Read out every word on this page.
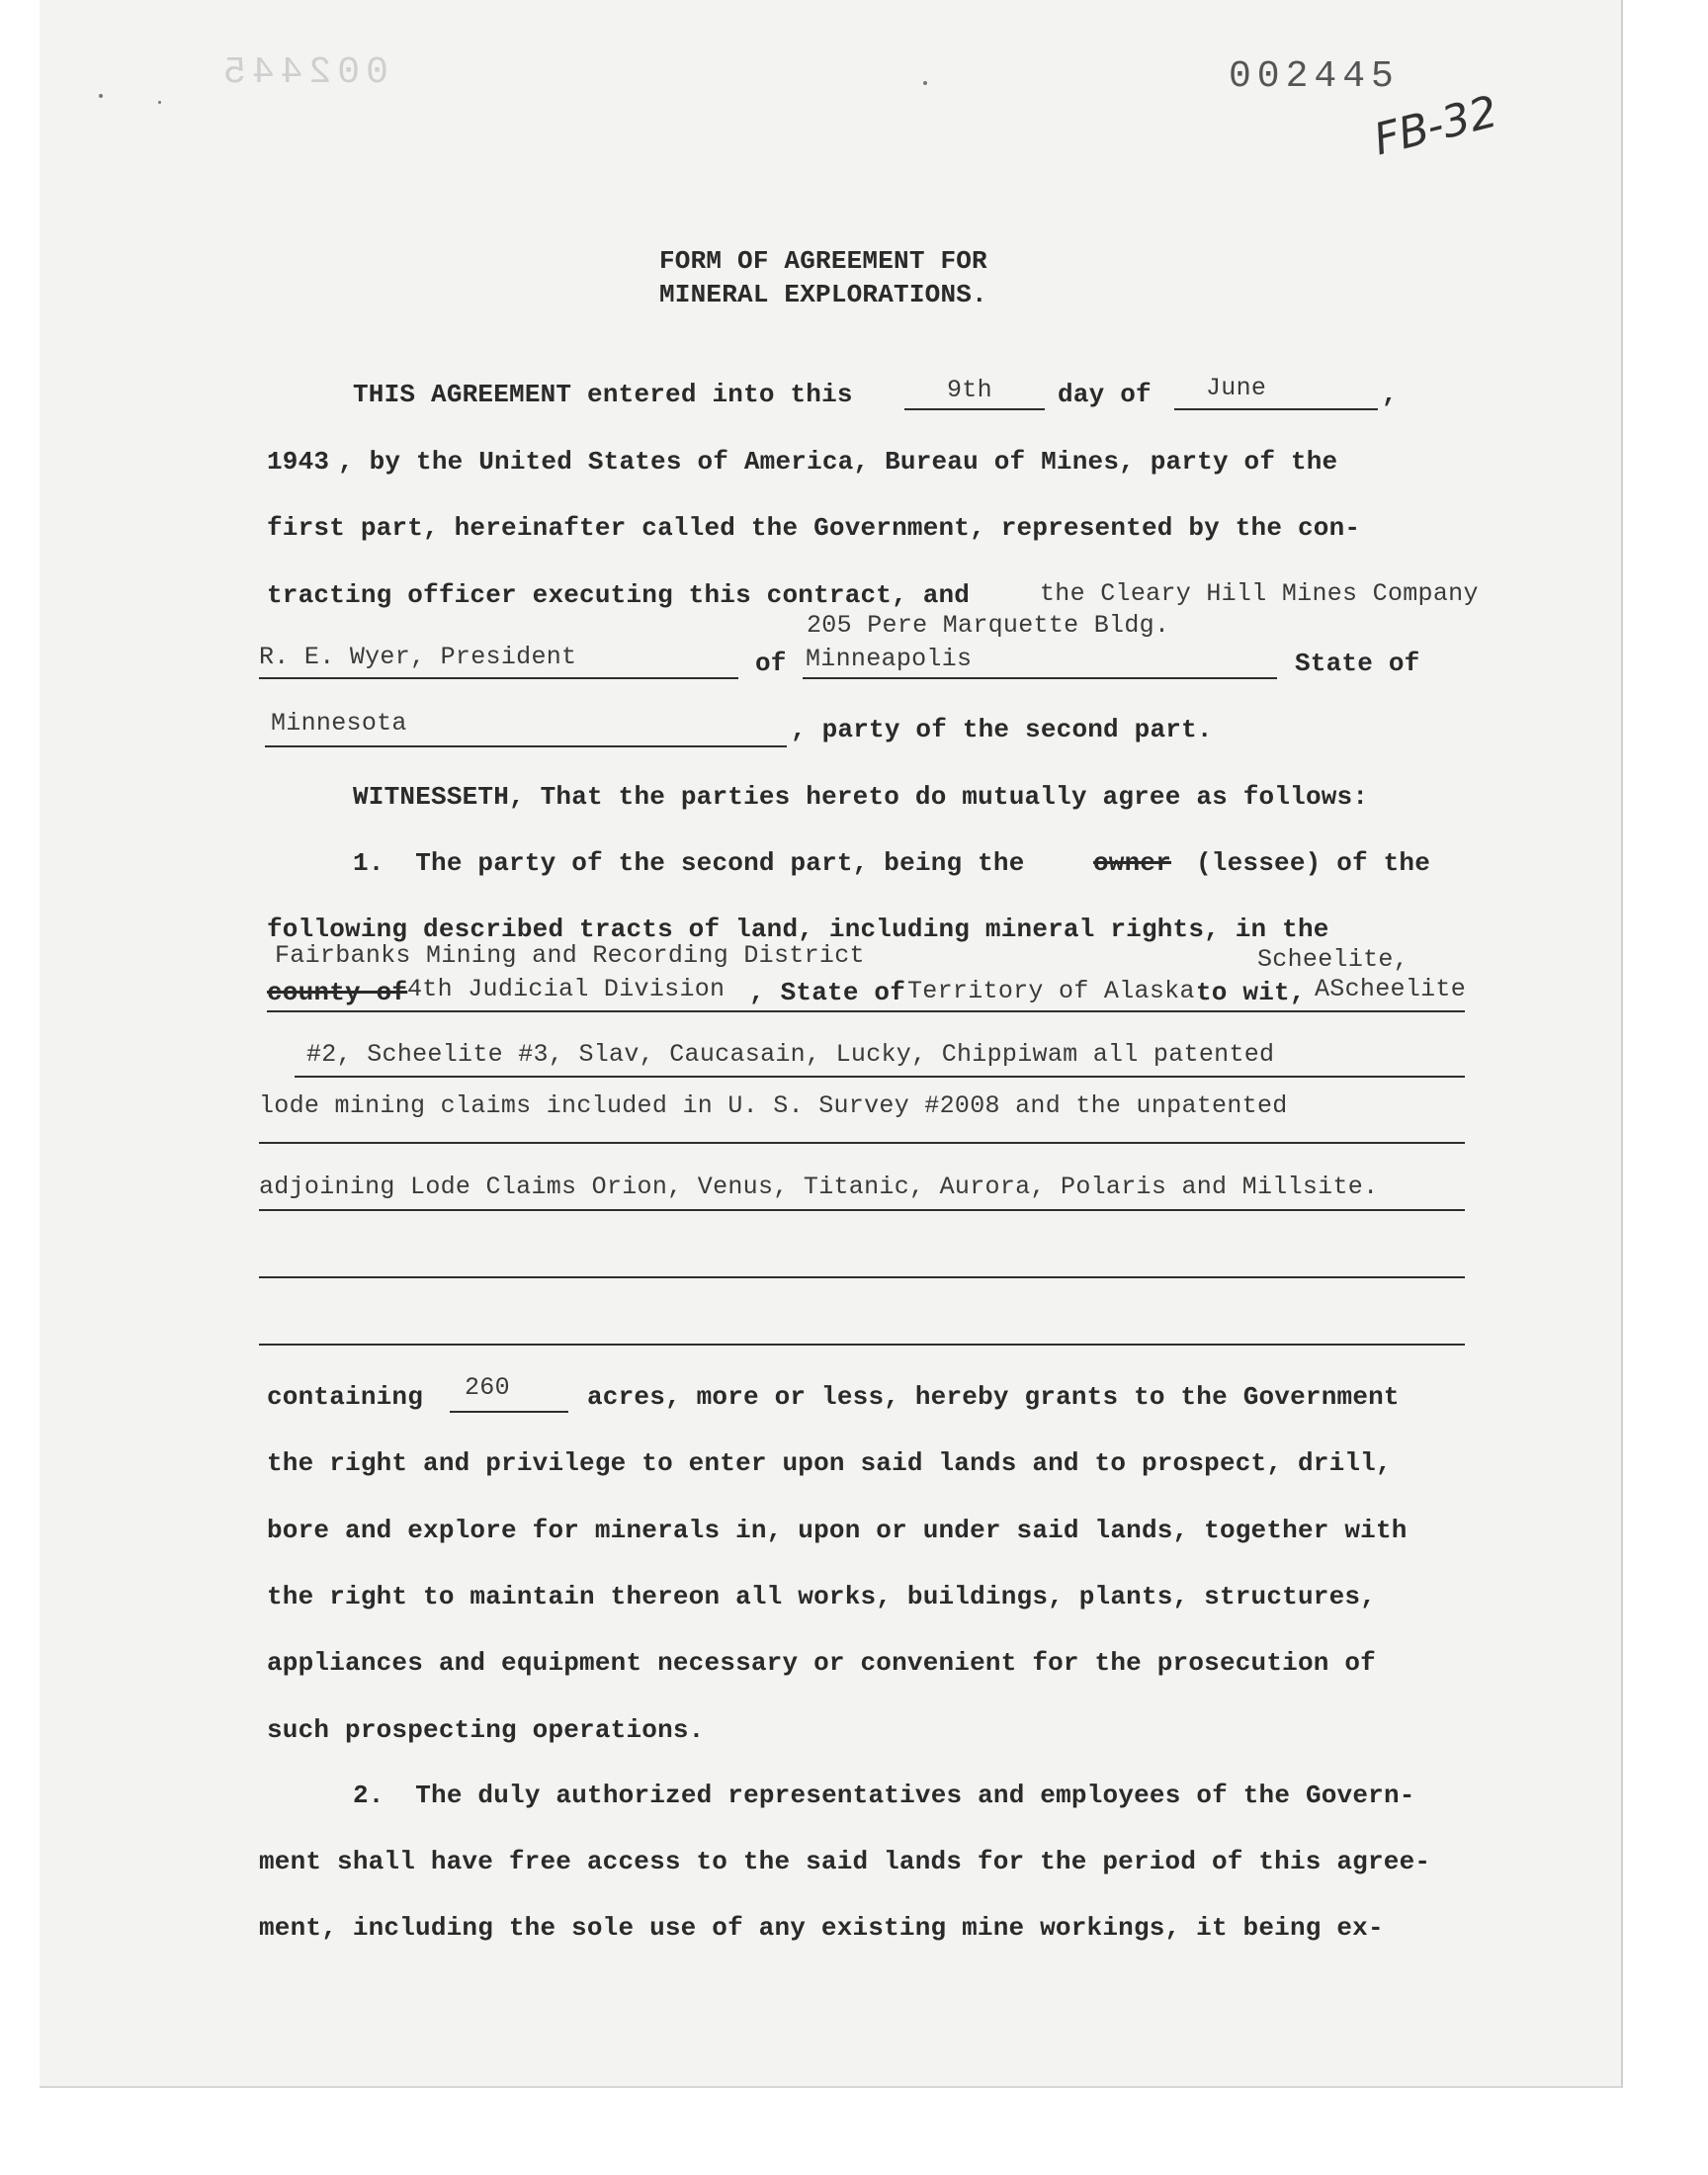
002445	002445
FB-32
FORM OF AGREEMENT FOR
MINERAL EXPLORATIONS.
THIS AGREEMENT entered into this	9th	day of June	,
1943 , by the United States of America, Bureau of Mines, party of the
first part, hereinafter called the Government, represented by the con-
tracting officer executing this contract, and	the Cleary Hill Mines Company
205 Pere Marquette Bldg.
R. E. Wyer, President	of Minneapolis	State of
Minnesota	, party of the second part.
WITNESSETH, That the parties hereto do mutually agree as follows:
1.  The party of the second part, being the	owner (lessee) of the
following described tracts of land, including mineral rights, in the
Fairbanks Mining and Recording District	Scheelite,
county of 4th Judicial Division , State of Territory of Alaska to wit, AScheelite
#2, Scheelite #3, Slav, Caucasain, Lucky, Chippiwam all patented
lode mining claims included in U. S. Survey #2008 and the unpatented
adjoining Lode Claims Orion, Venus, Titanic, Aurora, Polaris and Millsite.
containing 260	acres, more or less, hereby grants to the Government
the right and privilege to enter upon said lands and to prospect, drill,
bore and explore for minerals in, upon or under said lands, together with
the right to maintain thereon all works, buildings, plants, structures,
appliances and equipment necessary or convenient for the prosecution of
such prospecting operations.
2.  The duly authorized representatives and employees of the Govern-
ment shall have free access to the said lands for the period of this agree-
ment, including the sole use of any existing mine workings, it being ex-
